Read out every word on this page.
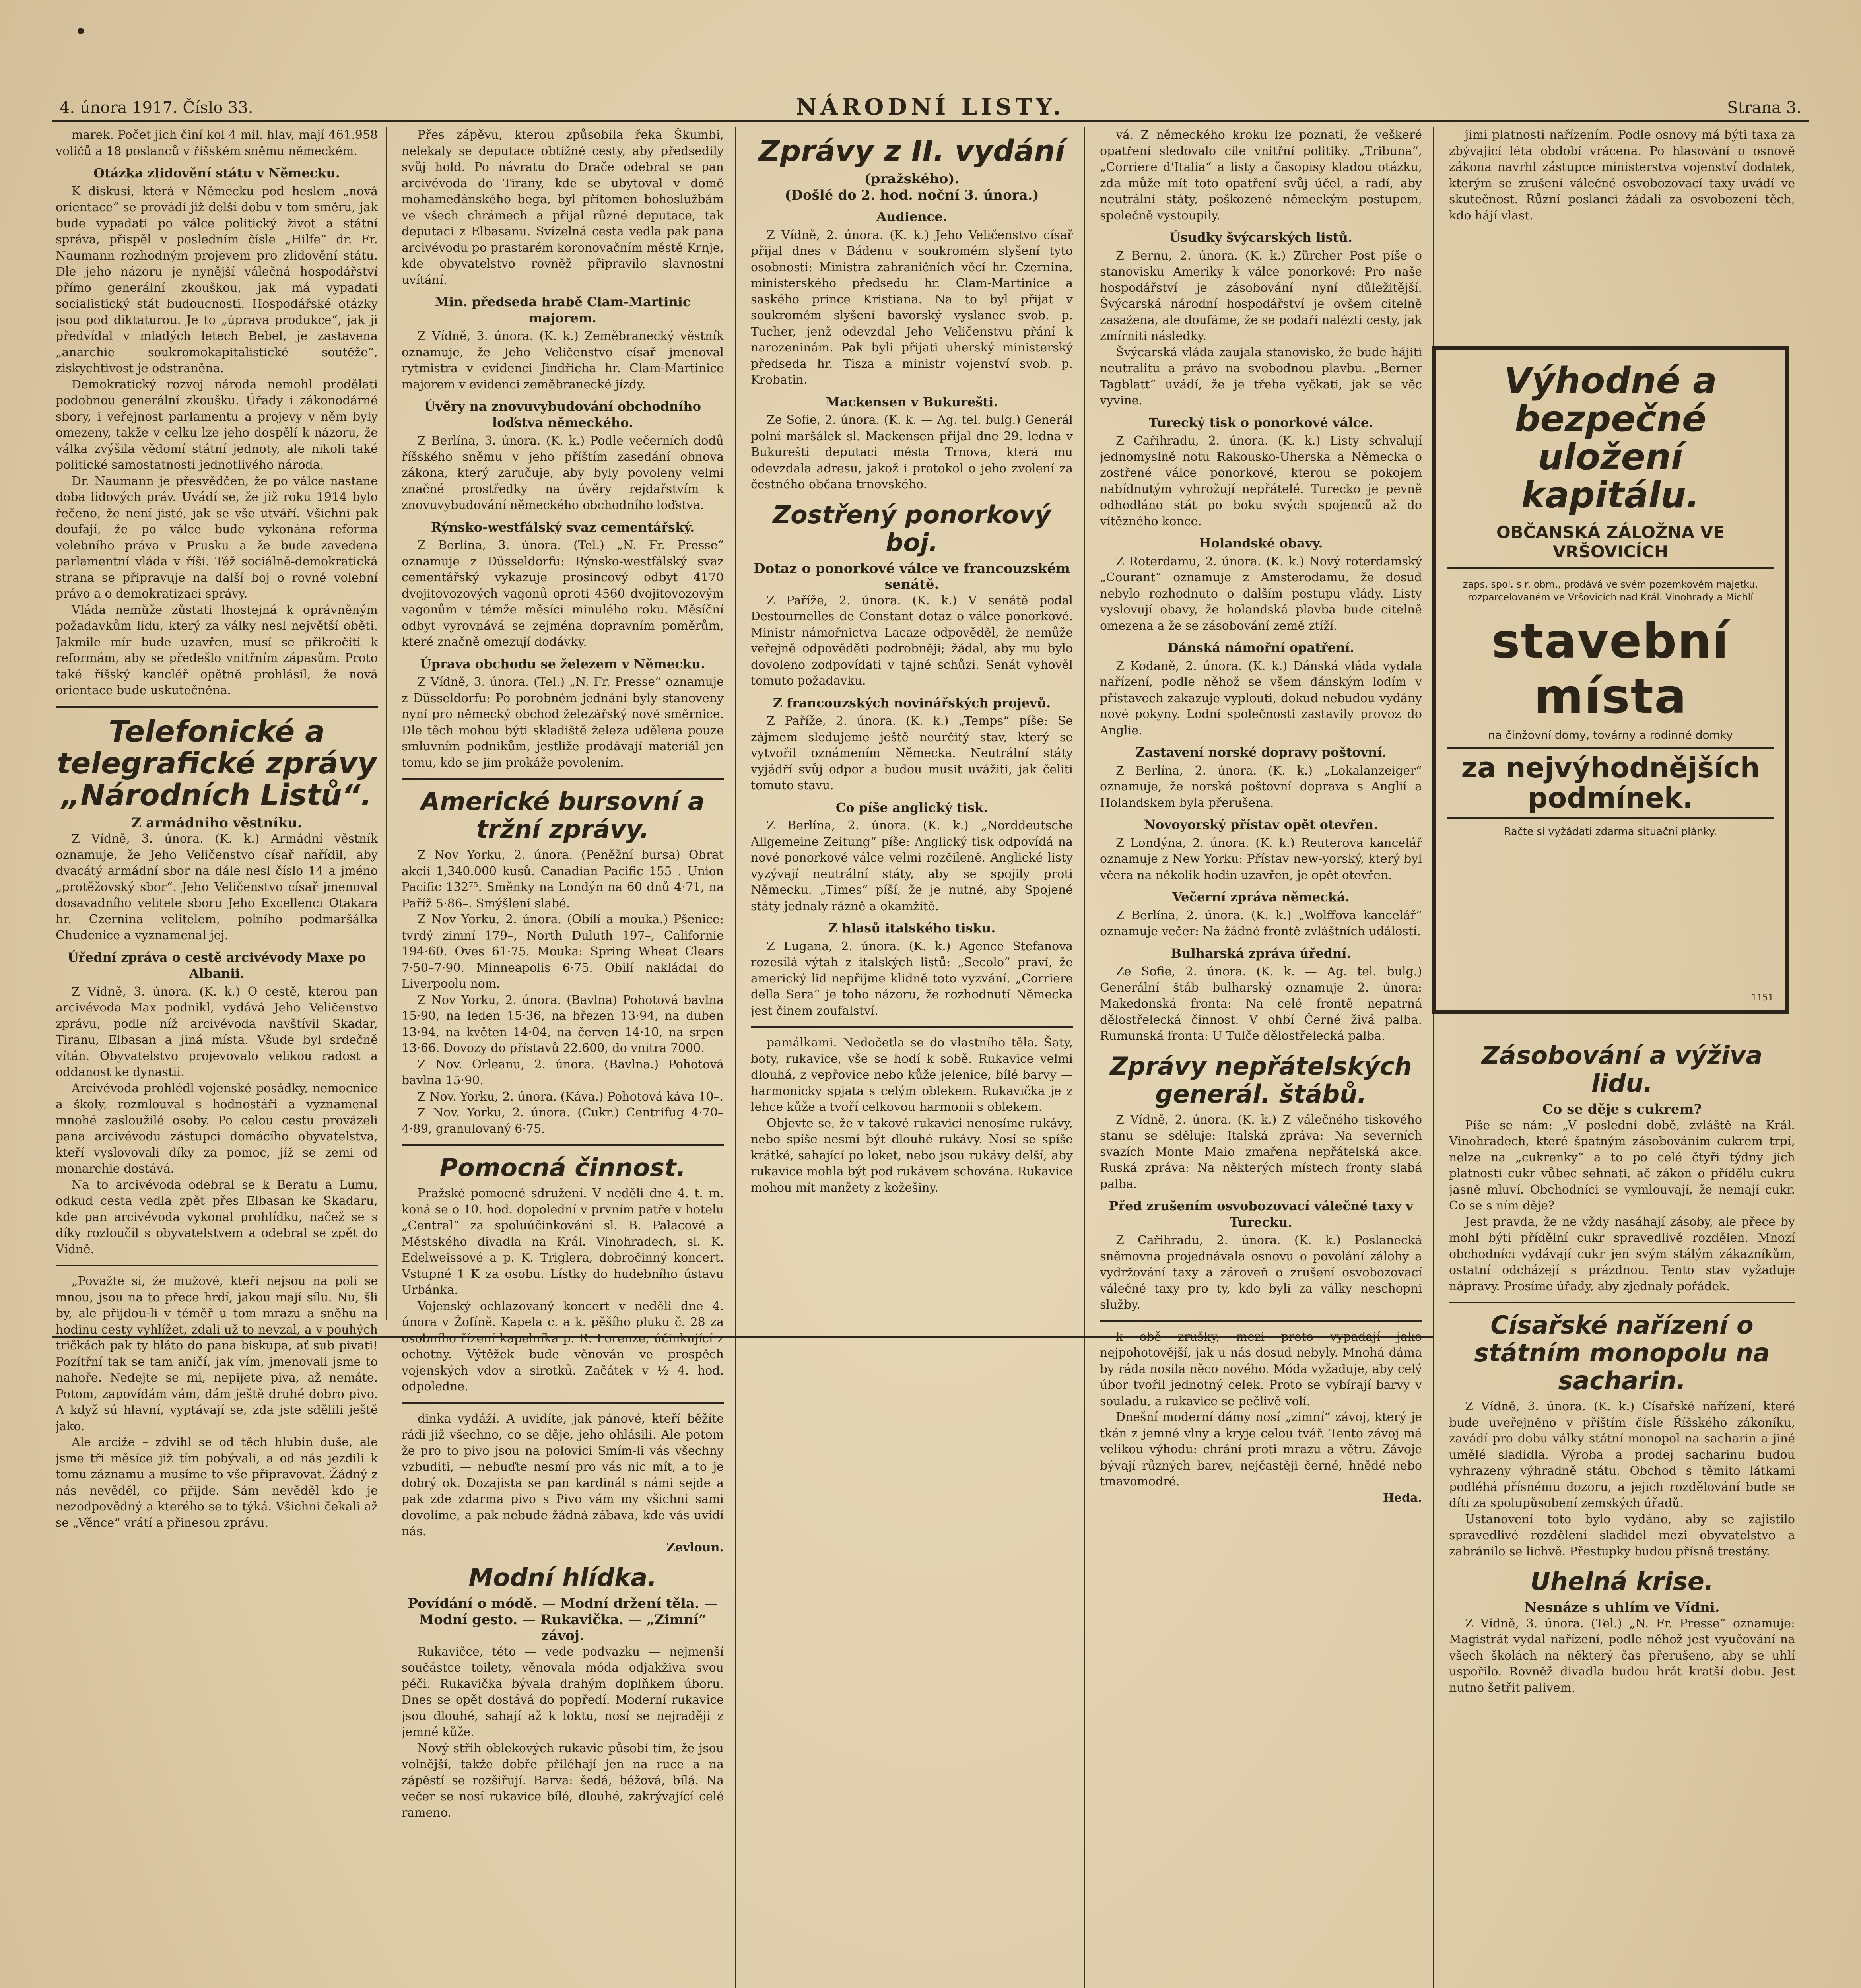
4. února 1917. Číslo 33.	NÁRODNÍ LISTY.	Strana 3.

marek. Počet jich činí kol 4 mil. hlav, mají 461.958 voličů a 18 poslanců v říšském sněmu německém.

Otázka zlidovění státu v Německu.

K diskusi, která v Německu pod heslem „nová orientace“ se provádí již delší dobu v tom směru, jak bude vypadati po válce politický život a státní správa, přispěl v posledním čísle „Hilfe“ dr. Fr. Naumann rozhodným projevem pro zlidovění státu. Dle jeho názoru je nynější válečná hospodářství přímo generální zkouškou, jak má vypadati socialistický stát budoucnosti. Hospodářské otázky jsou pod diktaturou. Je to „úprava produkce“, jak ji předvídal v mladých letech Bebel, je zastavena „anarchie soukromokapitalistické soutěže“, ziskychtivost je odstraněna.

Demokratický rozvoj národa nemohl prodělati podobnou generální zkoušku. Úřady i zákonodárné sbory, i veřejnost parlamentu a projevy v něm byly omezeny, takže v celku lze jeho dospělí k názoru, že válka zvýšila vědomí státní jednoty, ale nikoli také politické samostatnosti jednotlivého národa.

Dr. Naumann je přesvědčen, že po válce nastane doba lidových práv. Uvádí se, že již roku 1914 bylo řečeno, že není jisté, jak se vše utváří. Všichni pak doufají, že po válce bude vykonána reforma volebního práva v Prusku a že bude zavedena parlamentní vláda v říši. Též sociálně-demokratická strana se připravuje na další boj o rovné volební právo a o demokratizaci správy.

Vláda nemůže zůstati lhostejná k oprávněným požadavkům lidu, který za války nesl největší oběti. Jakmile mír bude uzavřen, musí se přikročiti k reformám, aby se předešlo vnitřním zápasům. Proto také říšský kancléř opětně prohlásil, že nová orientace bude uskutečněna.

Telefonické a telegrafické zprávy „Národních Listů“.

Z armádního věstníku.

Z Vídně, 3. února. (K. k.) Armádní věstník oznamuje, že Jeho Veličenstvo císař nařídil, aby dvacátý armádní sbor na dále nesl číslo 14 a jméno „protěžovský sbor“. Jeho Veličenstvo císař jmenoval dosavadního velitele sboru Jeho Excellenci Otakara hr. Czernina velitelem, polního podmaršálka Chudenice a vyznamenal jej.

Úřední zpráva o cestě arcivévody Maxe po Albanii.

Z Vídně, 3. února. (K. k.) O cestě, kterou pan arcivévoda Max podnikl, vydává Jeho Veličenstvo zprávu, podle níž arcivévoda navštívil Skadar, Tiranu, Elbasan a jiná místa. Všude byl srdečně vítán. Obyvatelstvo projevovalo velikou radost a oddanost ke dynastii.

Arcivévoda prohlédl vojenské posádky, nemocnice a školy, rozmlouval s hodnostáři a vyznamenal mnohé zasloužilé osoby. Po celou cestu provázeli pana arcivévodu zástupci domácího obyvatelstva, kteří vyslovovali díky za pomoc, jíž se zemi od monarchie dostává.

Na to arcivévoda odebral se k Beratu a Lumu, odkud cesta vedla zpět přes Elbasan ke Skadaru, kde pan arcivévoda vykonal prohlídku, načež se s díky rozloučil s obyvatelstvem a odebral se zpět do Vídně.

„Považte si, že mužové, kteří nejsou na poli se mnou, jsou na to přece hrdí, jakou mají sílu. Nu, šli by, ale přijdou-li v téměř u tom mrazu a sněhu na hodinu cesty vyhlížet, zdali už to nevzal, a v pouhých tričkách pak ty bláto do pana biskupa, ať sub pivati! Pozítřní tak se tam aničí, jak vím, jmenovali jsme to nahoře. Nedejte se mi, nepijete piva, až nemáte. Potom, zapovídám vám, dám ještě druhé dobro pivo. A když sú hlavní, vyptávají se, zda jste sdělili ještě jako.

Ale arciže – zdvihl se od těch hlubin duše, ale jsme tři měsíce již tím pobývali, a od nás jezdili k tomu záznamu a musíme to vše připravovat. Žádný z nás nevěděl, co přijde. Sám nevěděl kdo je nezodpovědný a kterého se to týká. Všichni čekali až se „Věnce“ vrátí a přinesou zprávu.

Přes zápěvu, kterou způsobila řeka Škumbi, nelekaly se deputace obtížné cesty, aby předsedily svůj hold. Po návratu do Drače odebral se pan arcivévoda do Tirany, kde se ubytoval v domě mohamedánského bega, byl přítomen bohoslužbám ve všech chrámech a přijal různé deputace, tak deputaci z Elbasanu. Svízelná cesta vedla pak pana arcivévodu po prastarém koronovačním městě Krnje, kde obyvatelstvo rovněž připravilo slavnostní uvítání.

Min. předseda hrabě Clam-Martinic majorem.

Z Vídně, 3. února. (K. k.) Zeměbranecký věstník oznamuje, že Jeho Veličenstvo císař jmenoval rytmistra v evidenci Jindřicha hr. Clam-Martinice majorem v evidenci zeměbranecké jízdy.

Úvěry na znovuvybudování obchodního loďstva německého.

Z Berlína, 3. února. (K. k.) Podle večerních dodů říšského sněmu v jeho příštím zasedání obnova zákona, který zaručuje, aby byly povoleny velmi značné prostředky na úvěry rejdařstvím k znovuvybudování německého obchodního loďstva.

Rýnsko-westfálský svaz cementářský.

Z Berlína, 3. února. (Tel.) „N. Fr. Presse“ oznamuje z Düsseldorfu: Rýnsko-westfálský svaz cementářský vykazuje prosincový odbyt 4170 dvojitovozových vagonů oproti 4560 dvojitovozovým vagonům v témže měsíci minulého roku. Měsíční odbyt vyrovnává se zejména dopravním poměrům, které značně omezují dodávky.

Úprava obchodu se železem v Německu.

Z Vídně, 3. února. (Tel.) „N. Fr. Presse“ oznamuje z Düsseldorfu: Po porobném jednání byly stanoveny nyní pro německý obchod železářský nové směrnice. Dle těch mohou býti skladiště železa udělena pouze smluvním podnikům, jestliže prodávají materiál jen tomu, kdo se jim prokáže povolením.

Americké bursovní a tržní zprávy.

Z Nov Yorku, 2. února. (Peněžní bursa) Obrat akcií 1,340.000 kusů. Canadian Pacific 155–. Union Pacific 132⁷⁵. Směnky na Londýn na 60 dnů 4·71, na Paříž 5·86–. Smýšlení slabé.

Z Nov Yorku, 2. února. (Obilí a mouka.) Pšenice: tvrdý zimní 179–, North Duluth 197–, Californie 194·60. Oves 61·75. Mouka: Spring Wheat Clears 7·50–7·90. Minneapolis 6·75. Obilí nakládal do Liverpoolu nom.

Z Nov Yorku, 2. února. (Bavlna) Pohotová bavlna 15·90, na leden 15·36, na březen 13·94, na duben 13·94, na květen 14·04, na červen 14·10, na srpen 13·66. Dovozy do přístavů 22.600, do vnitra 7000.

Z Nov. Orleanu, 2. února. (Bavlna.) Pohotová bavlna 15·90.

Z Nov. Yorku, 2. února. (Káva.) Pohotová káva 10–.

Z Nov. Yorku, 2. února. (Cukr.) Centrifug 4·70–4·89, granulovaný 6·75.

Pomocná činnost.

Pražské pomocné sdružení. V neděli dne 4. t. m. koná se o 10. hod. dopolední v prvním patře v hotelu „Central“ za spoluúčinkování sl. B. Palacové a Městského divadla na Král. Vinohradech, sl. K. Edelweissové a p. K. Triglera, dobročinný koncert. Vstupné 1 K za osobu. Lístky do hudebního ústavu Urbánka.

Vojenský ochlazovaný koncert v neděli dne 4. února v Žofíně. Kapela c. a k. pěšího pluku č. 28 za osobního řízení kapelníka p. R. Lorenze, účinkující z ochotny. Výtěžek bude věnován ve prospěch vojenských vdov a sirotků. Začátek v ½ 4. hod. odpoledne.

dinka vydáží. A uvidíte, jak pánové, kteří běžíte rádi již všechno, co se děje, jeho ohlásili. Ale potom že pro to pivo jsou na polovici Smím-li vás všechny vzbuditi, — nebuďte nesmí pro vás nic mít, a to je dobrý ok. Dozajista se pan kardinál s námi sejde a pak zde zdarma pivo s Pivo vám my všichni sami dovolíme, a pak nebude žádná zábava, kde vás uvidí nás.

Zevloun.

Modní hlídka.

Povídání o módě. — Modní držení těla. — Modní gesto. — Rukavička. — „Zimní“ závoj.

Rukavičce, této — vede podvazku — nejmenší součástce toilety, věnovala móda odjakživa svou péči. Rukavička bývala drahým doplňkem úboru. Dnes se opět dostává do popředí. Moderní rukavice jsou dlouhé, sahají až k loktu, nosí se nejraději z jemné kůže.

Nový střih oblekových rukavic působí tím, že jsou volnější, takže dobře přiléhají jen na ruce a na zápěstí se rozšiřují. Barva: šedá, béžová, bílá. Na večer se nosí rukavice bílé, dlouhé, zakrývající celé rameno.

Zprávy z II. vydání

(pražského).

(Došlé do 2. hod. noční 3. února.)

Audience.

Z Vídně, 2. února. (K. k.) Jeho Veličenstvo císař přijal dnes v Bádenu v soukromém slyšení tyto osobnosti: Ministra zahraničních věcí hr. Czernina, ministerského předsedu hr. Clam-Martinice a saského prince Kristiana. Na to byl přijat v soukromém slyšení bavorský vyslanec svob. p. Tucher, jenž odevzdal Jeho Veličenstvu přání k narozeninám. Pak byli přijati uherský ministerský předseda hr. Tisza a ministr vojenství svob. p. Krobatin.

Mackensen v Bukurešti.

Ze Sofie, 2. února. (K. k. — Ag. tel. bulg.) Generál polní maršálek sl. Mackensen přijal dne 29. ledna v Bukurešti deputaci města Trnova, která mu odevzdala adresu, jakož i protokol o jeho zvolení za čestného občana trnovského.

Zostřený ponorkový boj.

Dotaz o ponorkové válce ve francouzském senátě.

Z Paříže, 2. února. (K. k.) V senátě podal Destournelles de Constant dotaz o válce ponorkové. Ministr námořnictva Lacaze odpověděl, že nemůže veřejně odpověděti podrobněji; žádal, aby mu bylo dovoleno zodpovídati v tajné schůzi. Senát vyhověl tomuto požadavku.

Z francouzských novinářských projevů.

Z Paříže, 2. února. (K. k.) „Temps“ píše: Se zájmem sledujeme ještě neurčitý stav, který se vytvořil oznámením Německa. Neutrální státy vyjádří svůj odpor a budou musit uvážiti, jak čeliti tomuto stavu.

Co píše anglický tisk.

Z Berlína, 2. února. (K. k.) „Norddeutsche Allgemeine Zeitung“ píše: Anglický tisk odpovídá na nové ponorkové válce velmi rozčileně. Anglické listy vyzývají neutrální státy, aby se spojily proti Německu. „Times“ píší, že je nutné, aby Spojené státy jednaly rázně a okamžitě.

Z hlasů italského tisku.

Z Lugana, 2. února. (K. k.) Agence Stefanova rozesílá výtah z italských listů: „Secolo“ praví, že americký lid nepřijme klidně toto vyzvání. „Corriere della Sera“ je toho názoru, že rozhodnutí Německa jest činem zoufalství.

pamálkami. Nedočetla se do vlastního těla. Šaty, boty, rukavice, vše se hodí k sobě. Rukavice velmi dlouhá, z vepřovice nebo kůže jelenice, bílé barvy — harmonicky spjata s celým oblekem. Rukavička je z lehce kůže a tvoří celkovou harmonii s oblekem.

Objevte se, že v takové rukavici nenosíme rukávy, nebo spíše nesmí být dlouhé rukávy. Nosí se spíše krátké, sahající po loket, nebo jsou rukávy delší, aby rukavice mohla být pod rukávem schována. Rukavice mohou mít manžety z kožešiny.

vá. Z německého kroku lze poznati, že veškeré opatření sledovalo cíle vnitřní politiky. „Tribuna“, „Corriere d'Italia“ a listy a časopisy kladou otázku, zda může mít toto opatření svůj účel, a radí, aby neutrální státy, poškozené německým postupem, společně vystoupily.

Úsudky švýcarských listů.

Z Bernu, 2. února. (K. k.) Zürcher Post píše o stanovisku Ameriky k válce ponorkové: Pro naše hospodářství je zásobování nyní důležitější. Švýcarská národní hospodářství je ovšem citelně zasažena, ale doufáme, že se podaří nalézti cesty, jak zmírniti následky.

Švýcarská vláda zaujala stanovisko, že bude hájiti neutralitu a právo na svobodnou plavbu. „Berner Tagblatt“ uvádí, že je třeba vyčkati, jak se věc vyvine.

Turecký tisk o ponorkové válce.

Z Cařihradu, 2. února. (K. k.) Listy schvalují jednomyslně notu Rakousko-Uherska a Německa o zostřené válce ponorkové, kterou se pokojem nabídnutým vyhrožují nepřátelé. Turecko je pevně odhodláno stát po boku svých spojenců až do vítězného konce.

Holandské obavy.

Z Roterdamu, 2. února. (K. k.) Nový roterdamský „Courant“ oznamuje z Amsterodamu, že dosud nebylo rozhodnuto o dalším postupu vlády. Listy vyslovují obavy, že holandská plavba bude citelně omezena a že se zásobování země ztíží.

Dánská námořní opatření.

Z Kodaně, 2. února. (K. k.) Dánská vláda vydala nařízení, podle něhož se všem dánským lodím v přístavech zakazuje vyplouti, dokud nebudou vydány nové pokyny. Lodní společnosti zastavily provoz do Anglie.

Zastavení norské dopravy poštovní.

Z Berlína, 2. února. (K. k.) „Lokalanzeiger“ oznamuje, že norská poštovní doprava s Anglií a Holandskem byla přerušena.

Novoyorský přístav opět otevřen.

Z Londýna, 2. února. (K. k.) Reuterova kancelář oznamuje z New Yorku: Přístav new-yorský, který byl včera na několik hodin uzavřen, je opět otevřen.

Večerní zpráva německá.

Z Berlína, 2. února. (K. k.) „Wolffova kancelář“ oznamuje večer: Na žádné frontě zvláštních událostí.

Bulharská zpráva úřední.

Ze Sofie, 2. února. (K. k. — Ag. tel. bulg.) Generální štáb bulharský oznamuje 2. února: Makedonská fronta: Na celé frontě nepatrná dělostřelecká činnost. V ohbí Černé živá palba. Rumunská fronta: U Tulče dělostřelecká palba.

Zprávy nepřátelských generál. štábů.

Z Vídně, 2. února. (K. k.) Z válečného tiskového stanu se sděluje: Italská zpráva: Na severních svazích Monte Maio zmařena nepřátelská akce. Ruská zpráva: Na některých místech fronty slabá palba.

Před zrušením osvobozovací válečné taxy v Turecku.

Z Cařihradu, 2. února. (K. k.) Poslanecká sněmovna projednávala osnovu o povolání zálohy a vydržování taxy a zároveň o zrušení osvobozovací válečné taxy pro ty, kdo byli za války neschopni služby.

k obě zrušky, mezi proto vypadají jako nejpohotovější, jak u nás dosud nebyly. Mnohá dáma by ráda nosila něco nového. Móda vyžaduje, aby celý úbor tvořil jednotný celek. Proto se vybírají barvy v souladu, a rukavice se pečlivě volí.

Dnešní moderní dámy nosí „zimní“ závoj, který je tkán z jemné vlny a kryje celou tvář. Tento závoj má velikou výhodu: chrání proti mrazu a větru. Závoje bývají různých barev, nejčastěji černé, hnědé nebo tmavomodré.

Heda.

jimi platnosti nařízením. Podle osnovy má býti taxa za zbývající léta období vrácena. Po hlasování o osnově zákona navrhl zástupce ministerstva vojenství dodatek, kterým se zrušení válečné osvobozovací taxy uvádí ve skutečnost. Různí poslanci žádali za osvobození těch, kdo hájí vlast.

Výhodné a bezpečné uložení kapitálu.
OBČANSKÁ ZÁLOŽNA VE VRŠOVICÍCH
zaps. spol. s r. obm., prodává ve svém pozemkovém majetku, rozparcelovaném ve Vršovicích nad Král. Vinohrady a Michlí
stavební místa
na činžovní domy, továrny a rodinné domky
za nejvýhodnějších podmínek.
Račte si vyžádati zdarma situační plánky.
1151

Zásobování a výživa lidu.

Co se děje s cukrem?

Píše se nám: „V poslední době, zvláště na Král. Vinohradech, které špatným zásobováním cukrem trpí, nelze na „cukrenky“ a to po celé čtyři týdny jich platnosti cukr vůbec sehnati, ač zákon o přídělu cukru jasně mluví. Obchodníci se vymlouvají, že nemají cukr. Co se s ním děje?

Jest pravda, že ne vždy nasáhají zásoby, ale přece by mohl býti přídělní cukr spravedlivě rozdělen. Mnozí obchodníci vydávají cukr jen svým stálým zákazníkům, ostatní odcházejí s prázdnou. Tento stav vyžaduje nápravy. Prosíme úřady, aby zjednaly pořádek.

Císařské nařízení o státním monopolu na sacharin.

Z Vídně, 3. února. (K. k.) Císařské nařízení, které bude uveřejněno v příštím čísle Říšského zákoníku, zavádí pro dobu války státní monopol na sacharin a jiné umělé sladidla. Výroba a prodej sacharinu budou vyhrazeny výhradně státu. Obchod s těmito látkami podléhá přísnému dozoru, a jejich rozdělování bude se díti za spolupůsobení zemských úřadů.

Ustanovení toto bylo vydáno, aby se zajistilo spravedlivé rozdělení sladidel mezi obyvatelstvo a zabránilo se lichvě. Přestupky budou přísně trestány.

Uhelná krise.

Nesnáze s uhlím ve Vídni.

Z Vídně, 3. února. (Tel.) „N. Fr. Presse“ oznamuje: Magistrát vydal nařízení, podle něhož jest vyučování na všech školách na některý čas přerušeno, aby se uhlí uspořilo. Rovněž divadla budou hrát kratší dobu. Jest nutno šetřit palivem.
